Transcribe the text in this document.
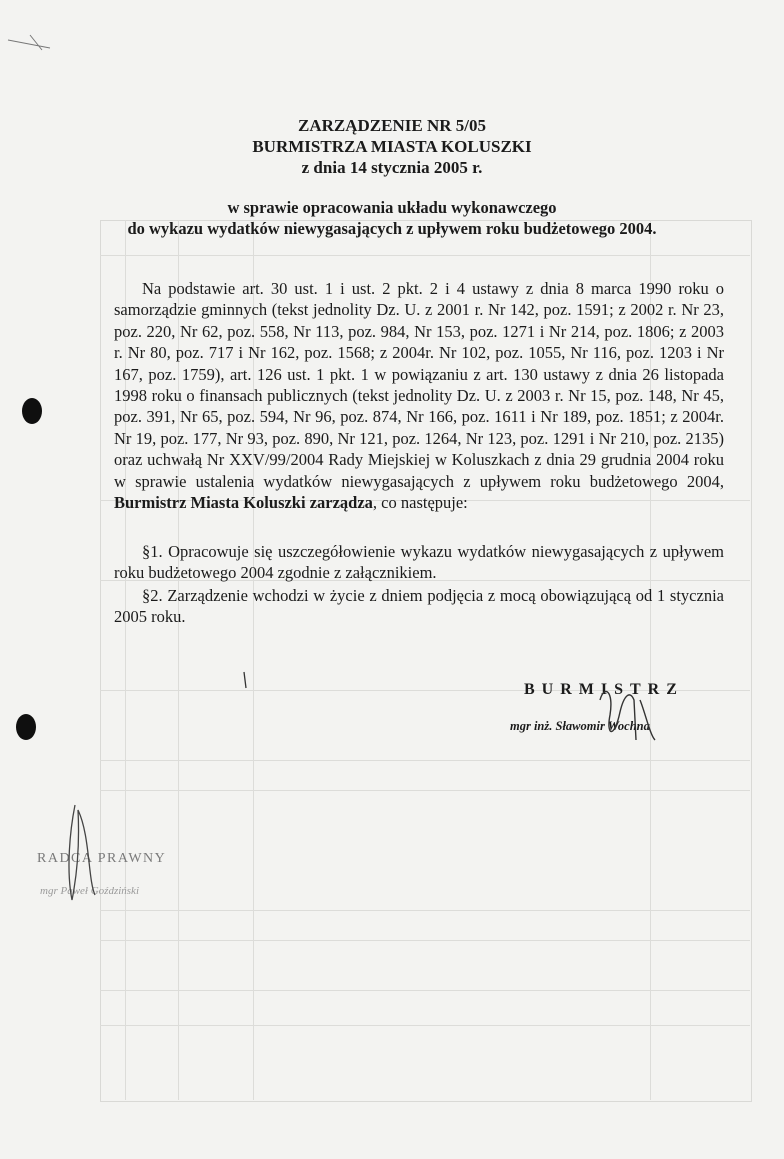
ZARZĄDZENIE NR 5/05
BURMISTRZA MIASTA KOLUSZKI
z dnia 14 stycznia 2005 r.
w sprawie opracowania układu wykonawczego
do wykazu wydatków niewygasających z upływem roku budżetowego 2004.

Na podstawie art. 30 ust. 1 i ust. 2 pkt. 2 i 4 ustawy z dnia 8 marca 1990 roku o samorządzie gminnych (tekst jednolity Dz. U. z 2001 r. Nr 142, poz. 1591; z 2002 r. Nr 23, poz. 220, Nr 62, poz. 558, Nr 113, poz. 984, Nr 153, poz. 1271 i Nr 214, poz. 1806; z 2003 r. Nr 80, poz. 717 i Nr 162, poz. 1568; z 2004r. Nr 102, poz. 1055, Nr 116, poz. 1203 i Nr 167, poz. 1759), art. 126 ust. 1 pkt. 1 w powiązaniu z art. 130 ustawy z dnia 26 listopada 1998 roku o finansach publicznych (tekst jednolity Dz. U. z 2003 r. Nr 15, poz. 148, Nr 45, poz. 391, Nr 65, poz. 594, Nr 96, poz. 874, Nr 166, poz. 1611 i Nr 189, poz. 1851; z 2004r. Nr 19, poz. 177, Nr 93, poz. 890, Nr 121, poz. 1264, Nr 123, poz. 1291 i Nr 210, poz. 2135) oraz uchwałą Nr XXV/99/2004 Rady Miejskiej w Koluszkach z dnia 29 grudnia 2004 roku w sprawie ustalenia wydatków niewygasających z upływem roku budżetowego 2004, Burmistrz Miasta Koluszki zarządza, co następuje:

§1. Opracowuje się uszczegółowienie wykazu wydatków niewygasających z upływem roku budżetowego 2004 zgodnie z załącznikiem.
§2. Zarządzenie wchodzi w życie z dniem podjęcia z mocą obowiązującą od 1 stycznia 2005 roku.
BURMISTRZ
mgr inż. Sławomir Wochna
RADCA PRAWNY
mgr Paweł Goździński
